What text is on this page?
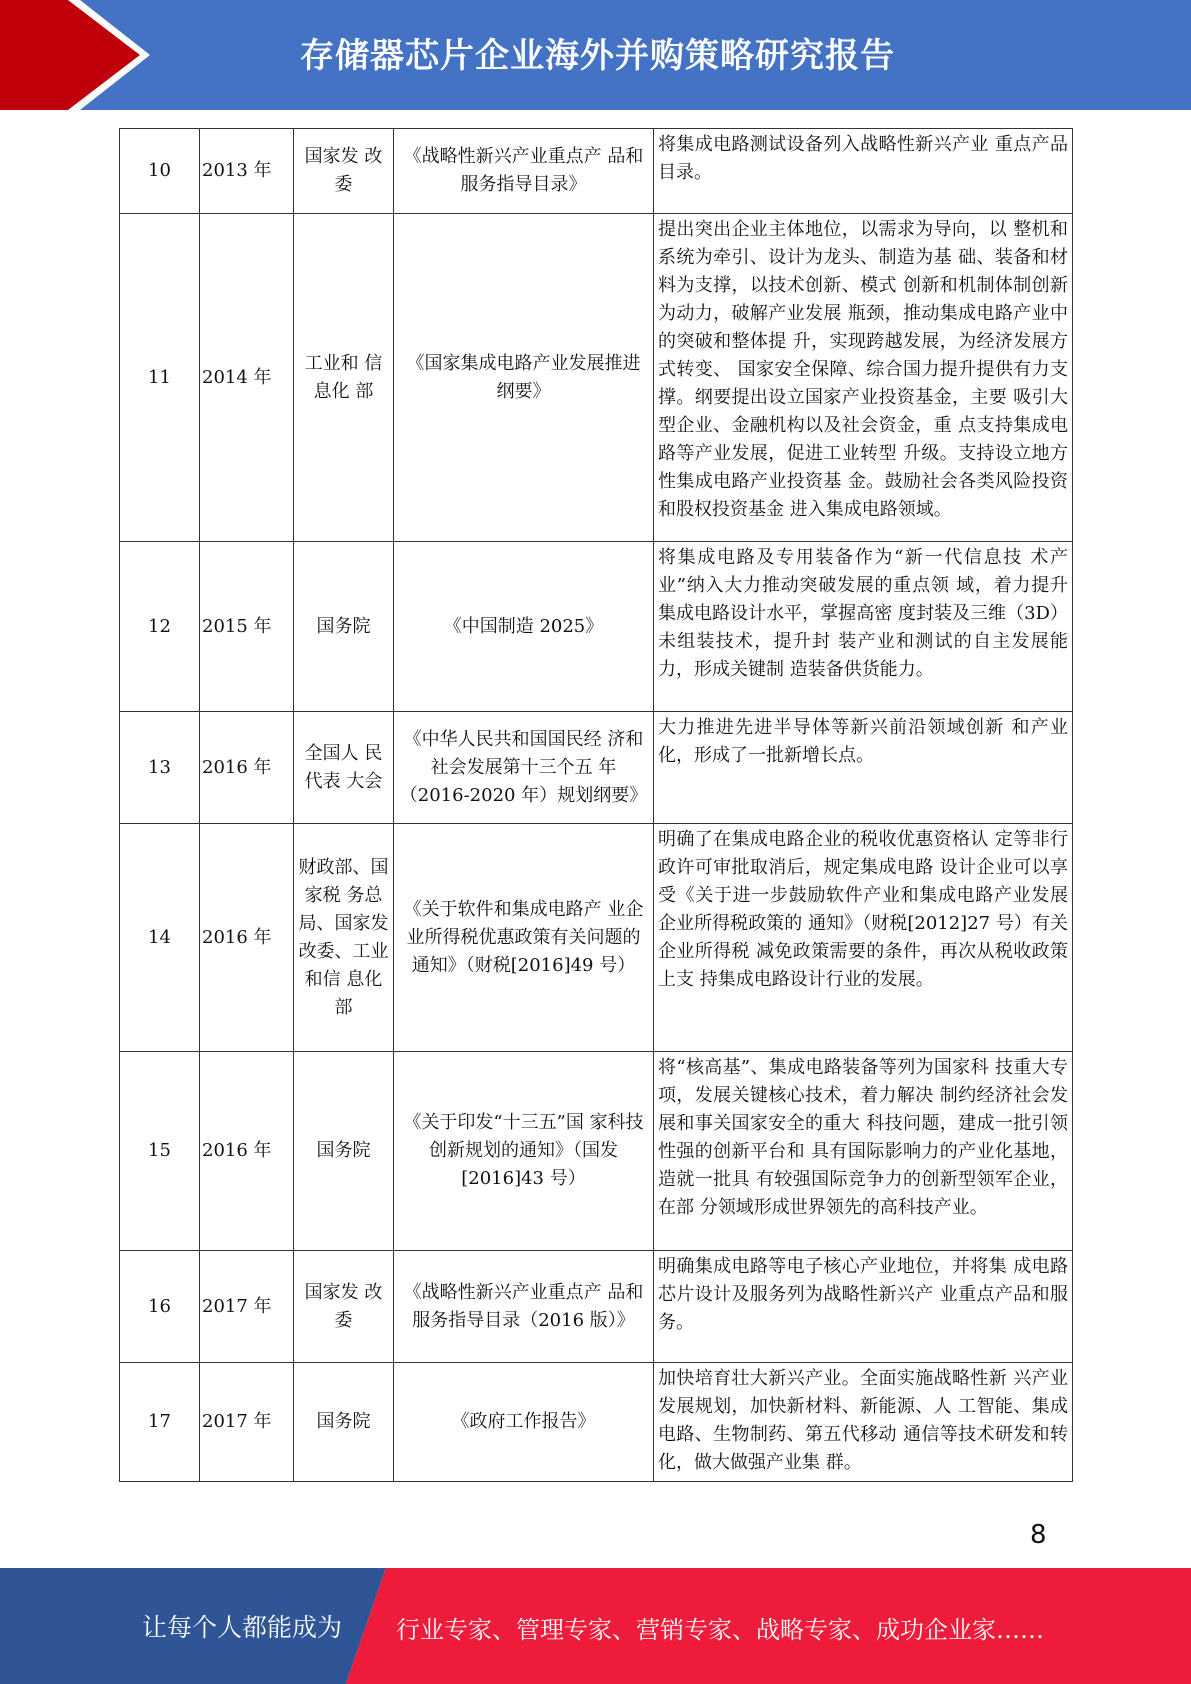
存储器芯片企业海外并购策略研究报告
10	2013 年	国家发 改委	《战略性新兴产业重点产 品和服务指导目录》	将集成电路测试设备列入战略性新兴产业 重点产品目录。
11	2014 年	工业和 信息化 部	《国家集成电路产业发展推进纲要》	提出突出企业主体地位，以需求为导向，以 整机和系统为牵引、设计为龙头、制造为基 础、装备和材料为支撑，以技术创新、模式 创新和机制体制创新为动力，破解产业发展 瓶颈，推动集成电路产业中的突破和整体提 升，实现跨越发展，为经济发展方式转变、 国家安全保障、综合国力提升提供有力支 撑。纲要提出设立国家产业投资基金，主要 吸引大型企业、金融机构以及社会资金，重 点支持集成电路等产业发展，促进工业转型 升级。支持设立地方性集成电路产业投资基 金。鼓励社会各类风险投资和股权投资基金 进入集成电路领域。
12	2015 年	国务院	《中国制造 2025》	将集成电路及专用装备作为“新一代信息技 术产业”纳入大力推动突破发展的重点领 域，着力提升集成电路设计水平，掌握高密 度封装及三维（3D）未组装技术，提升封 装产业和测试的自主发展能力，形成关键制 造装备供货能力。
13	2016 年	全国人 民代表 大会	《中华人民共和国国民经 济和社会发展第十三个五 年（2016-2020 年）规划纲要》	大力推进先进半导体等新兴前沿领域创新 和产业化，形成了一批新增长点。
14	2016 年	财政部、国家税 务总局、国家发 改委、工业和信 息化部	《关于软件和集成电路产 业企业所得税优惠政策有关问题的通知》（财税[2016]49 号）	明确了在集成电路企业的税收优惠资格认 定等非行政许可审批取消后，规定集成电路 设计企业可以享受《关于进一步鼓励软件产业和集成电路产业发展企业所得税政策的 通知》（财税[2012]27 号）有关企业所得税 减免政策需要的条件，再次从税收政策上支 持集成电路设计行业的发展。
15	2016 年	国务院	《关于印发“十三五”国 家科技创新规划的通知》（国发[2016]43 号）	将“核高基”、集成电路装备等列为国家科 技重大专项，发展关键核心技术，着力解决 制约经济社会发展和事关国家安全的重大 科技问题，建成一批引领性强的创新平台和 具有国际影响力的产业化基地，造就一批具 有较强国际竞争力的创新型领军企业，在部 分领域形成世界领先的高科技产业。
16	2017 年	国家发 改委	《战略性新兴产业重点产 品和服务指导目录（2016 版）》	明确集成电路等电子核心产业地位，并将集 成电路芯片设计及服务列为战略性新兴产 业重点产品和服务。
17	2017 年	国务院	《政府工作报告》	加快培育壮大新兴产业。全面实施战略性新 兴产业发展规划，加快新材料、新能源、人 工智能、集成电路、生物制药、第五代移动 通信等技术研发和转化，做大做强产业集 群。
8
让每个人都能成为 行业专家、管理专家、营销专家、战略专家、成功企业家……
